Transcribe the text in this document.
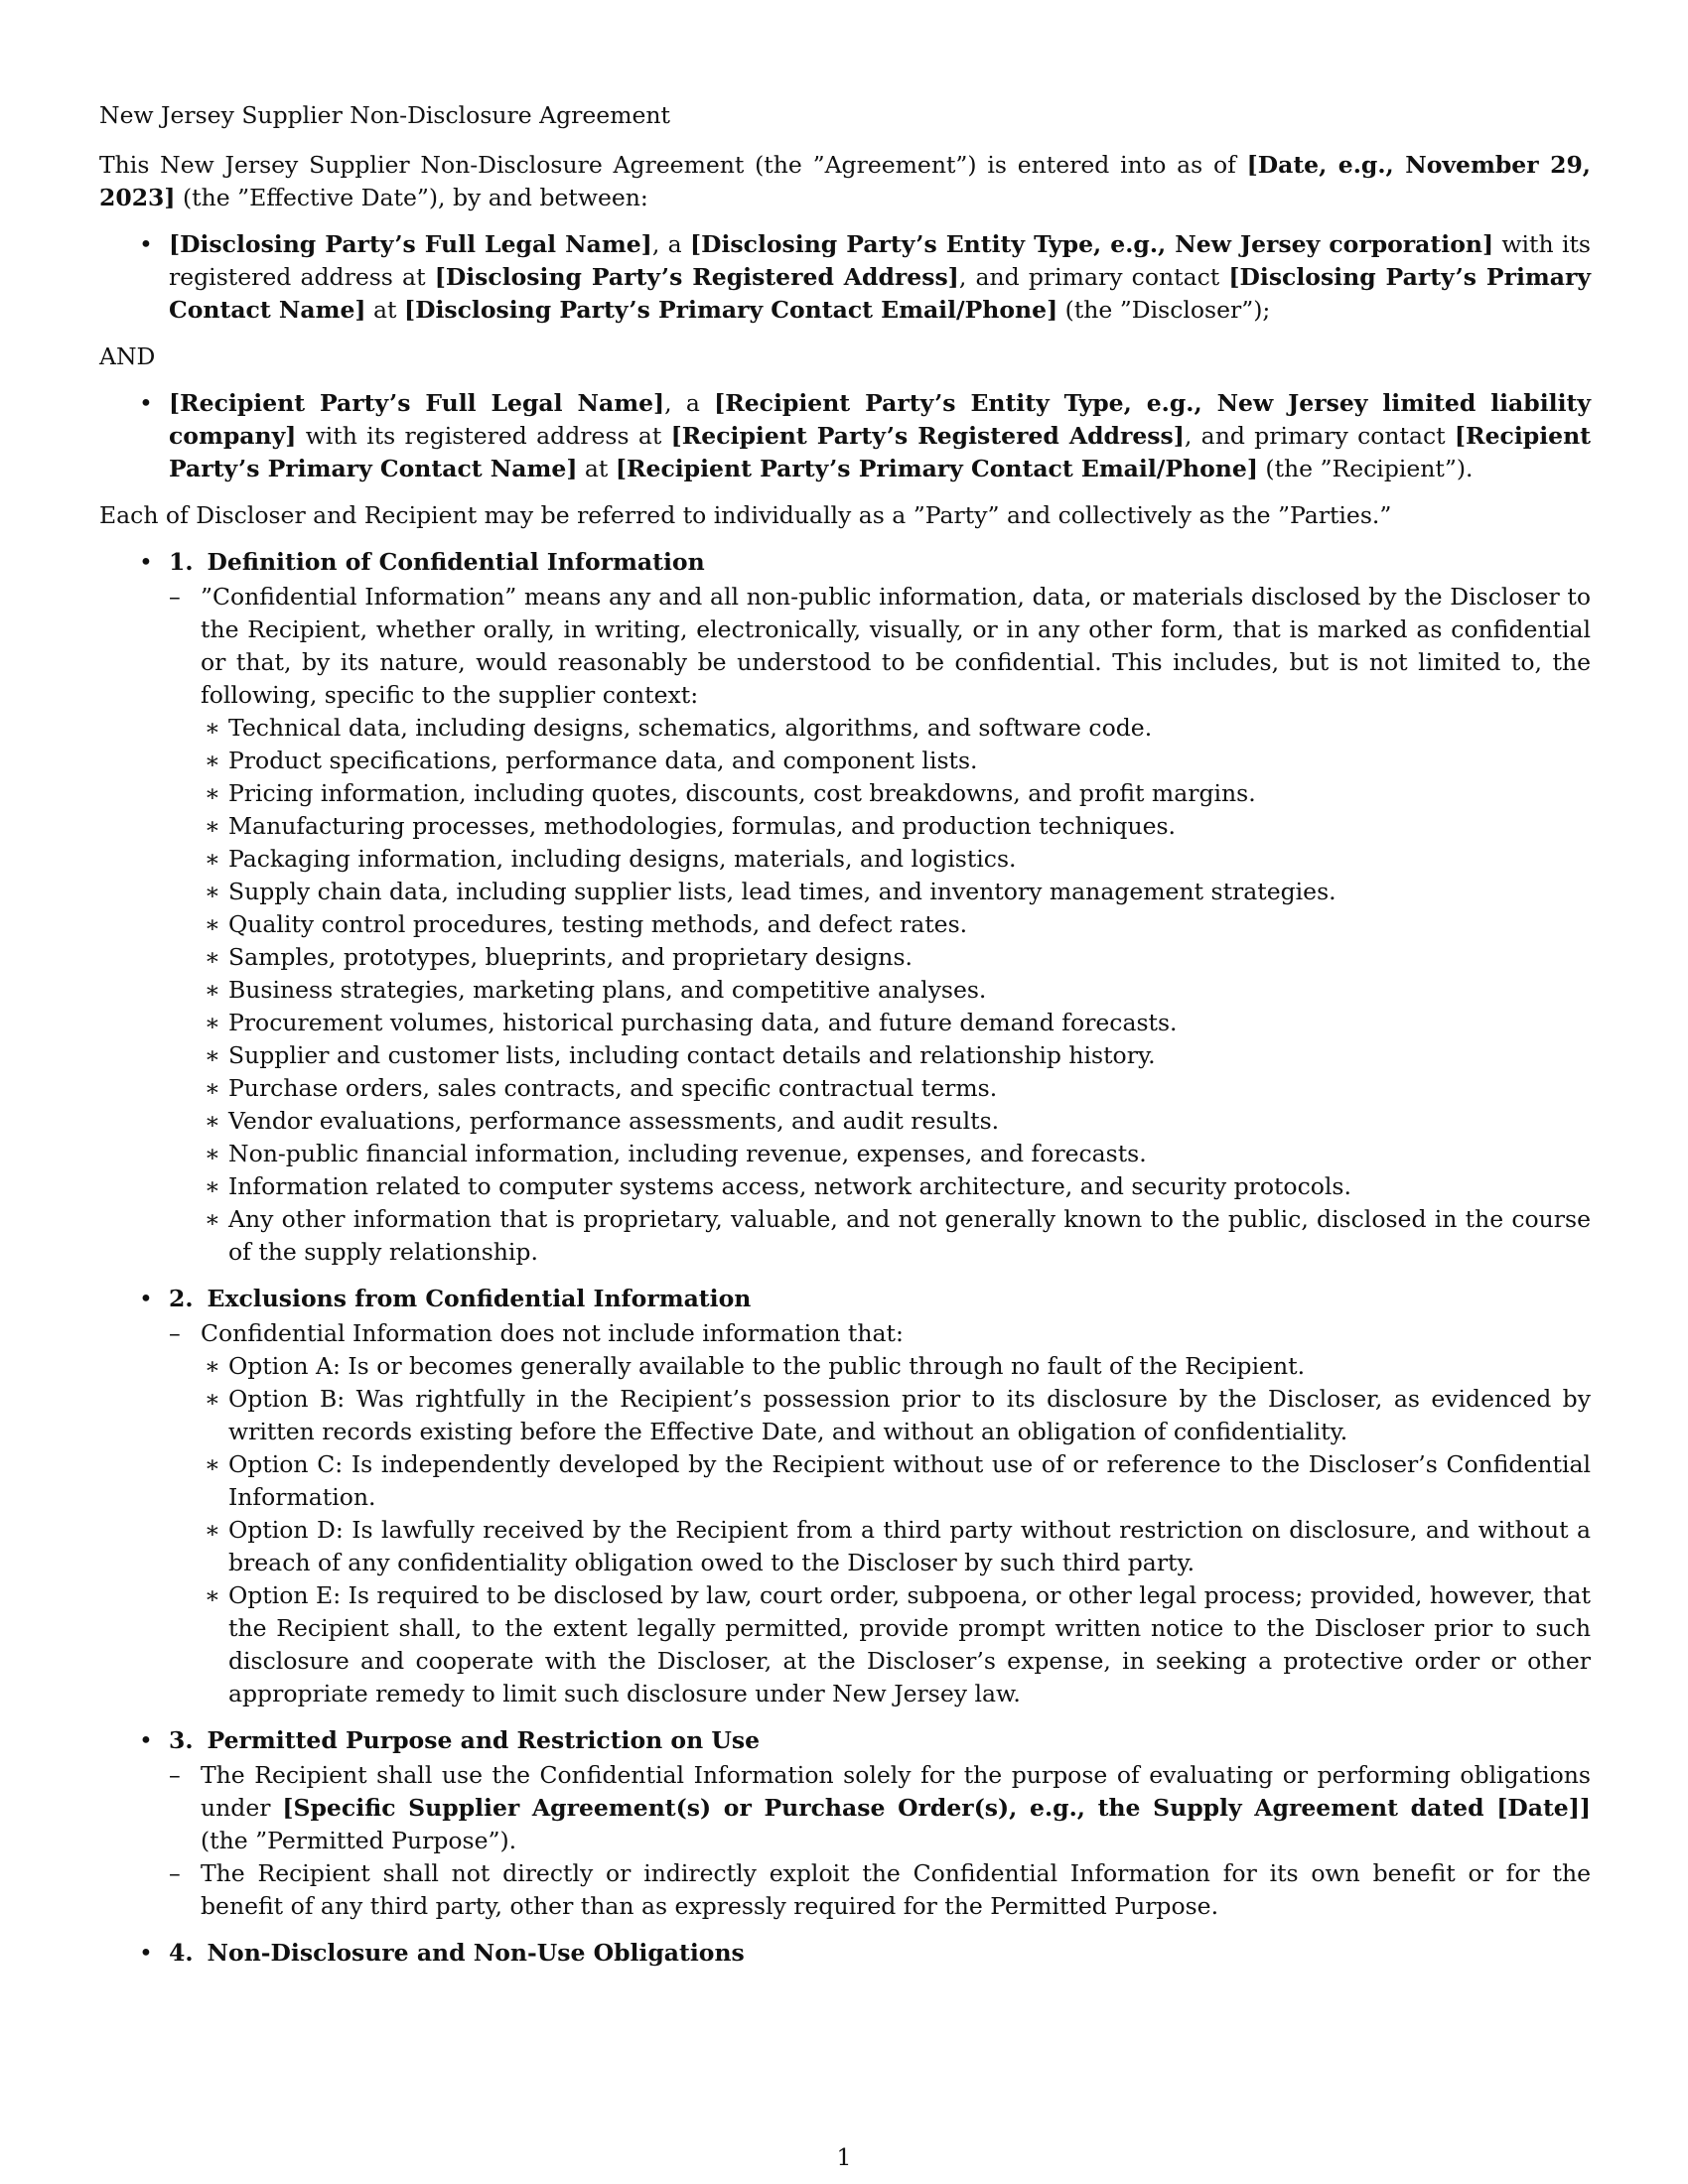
New Jersey Supplier Non-Disclosure Agreement

This New Jersey Supplier Non-Disclosure Agreement (the ”Agreement”) is entered into as of [Date, e.g., November 29, 2023] (the ”Effective Date”), by and between:

• [Disclosing Party’s Full Legal Name], a [Disclosing Party’s Entity Type, e.g., New Jersey corporation] with its registered address at [Disclosing Party’s Registered Address], and primary contact [Disclosing Party’s Primary Contact Name] at [Disclosing Party’s Primary Contact Email/Phone] (the ”Discloser”);

AND

• [Recipient Party’s Full Legal Name], a [Recipient Party’s Entity Type, e.g., New Jersey limited liability company] with its registered address at [Recipient Party’s Registered Address], and primary contact [Recipient Party’s Primary Contact Name] at [Recipient Party’s Primary Contact Email/Phone] (the ”Recipient”).

Each of Discloser and Recipient may be referred to individually as a ”Party” and collectively as the ”Parties.”

• 1. Definition of Confidential Information
– ”Confidential Information” means any and all non-public information, data, or materials disclosed by the Discloser to the Recipient, whether orally, in writing, electronically, visually, or in any other form, that is marked as confidential or that, by its nature, would reasonably be understood to be confidential. This includes, but is not limited to, the following, specific to the supplier context:
∗ Technical data, including designs, schematics, algorithms, and software code.
∗ Product specifications, performance data, and component lists.
∗ Pricing information, including quotes, discounts, cost breakdowns, and profit margins.
∗ Manufacturing processes, methodologies, formulas, and production techniques.
∗ Packaging information, including designs, materials, and logistics.
∗ Supply chain data, including supplier lists, lead times, and inventory management strategies.
∗ Quality control procedures, testing methods, and defect rates.
∗ Samples, prototypes, blueprints, and proprietary designs.
∗ Business strategies, marketing plans, and competitive analyses.
∗ Procurement volumes, historical purchasing data, and future demand forecasts.
∗ Supplier and customer lists, including contact details and relationship history.
∗ Purchase orders, sales contracts, and specific contractual terms.
∗ Vendor evaluations, performance assessments, and audit results.
∗ Non-public financial information, including revenue, expenses, and forecasts.
∗ Information related to computer systems access, network architecture, and security protocols.
∗ Any other information that is proprietary, valuable, and not generally known to the public, disclosed in the course of the supply relationship.
• 2. Exclusions from Confidential Information
– Confidential Information does not include information that:
∗ Option A: Is or becomes generally available to the public through no fault of the Recipient.
∗ Option B: Was rightfully in the Recipient’s possession prior to its disclosure by the Discloser, as evidenced by written records existing before the Effective Date, and without an obligation of confidentiality.
∗ Option C: Is independently developed by the Recipient without use of or reference to the Discloser’s Confidential Information.
∗ Option D: Is lawfully received by the Recipient from a third party without restriction on disclosure, and without a breach of any confidentiality obligation owed to the Discloser by such third party.
∗ Option E: Is required to be disclosed by law, court order, subpoena, or other legal process; provided, however, that the Recipient shall, to the extent legally permitted, provide prompt written notice to the Discloser prior to such disclosure and cooperate with the Discloser, at the Discloser’s expense, in seeking a protective order or other appropriate remedy to limit such disclosure under New Jersey law.
• 3. Permitted Purpose and Restriction on Use
– The Recipient shall use the Confidential Information solely for the purpose of evaluating or performing obligations under [Specific Supplier Agreement(s) or Purchase Order(s), e.g., the Supply Agreement dated [Date]] (the ”Permitted Purpose”).
– The Recipient shall not directly or indirectly exploit the Confidential Information for its own benefit or for the benefit of any third party, other than as expressly required for the Permitted Purpose.
• 4. Non-Disclosure and Non-Use Obligations
1
